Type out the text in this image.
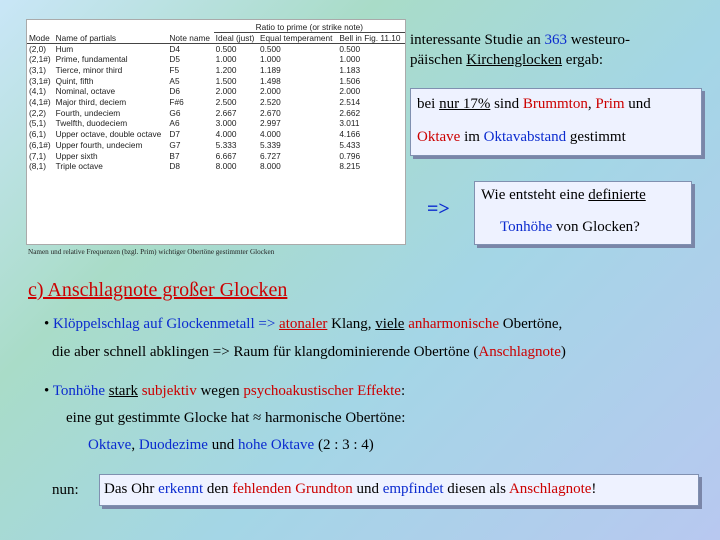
			Ratio to prime (or strike note)		
Mode	Name of partials	Note name	Ideal (just)	Equal temperament	Bell in Fig. 11.10
(2,0)	Hum	D4	0.500	0.500	0.500
(2,1#)	Prime, fundamental	D5	1.000	1.000	1.000
(3,1)	Tierce, minor third	F5	1.200	1.189	1.183
(3,1#)	Quint, fifth	A5	1.500	1.498	1.506
(4,1)	Nominal, octave	D6	2.000	2.000	2.000
(4,1#)	Major third, deciem	F#6	2.500	2.520	2.514
(2,2)	Fourth, undeciem	G6	2.667	2.670	2.662
(5,1)	Twelfth, duodeciem	A6	3.000	2.997	3.011
(6,1)	Upper octave, double octave	D7	4.000	4.000	4.166
(6,1#)	Upper fourth, undeciem	G7	5.333	5.339	5.433
(7,1)	Upper sixth	B7	6.667	6.727	0.796
(8,1)	Triple octave	D8	8.000	8.000	8.215
Namen und relative Frequenzen (bzgl. Prim) wichtiger Obertöne gestimmter Glocken

interessante Studie an 363 westeuro-

päischen Kirchenglocken ergab:

bei nur 17% sind Brummton, Prim und

Oktave im Oktavabstand gestimmt

=>

Wie entsteht eine definierte

Tonhöhe von Glocken?

c) Anschlagnote großer Glocken

• Klöppelschlag auf Glockenmetall => atonaler Klang, viele anharmonische Obertöne,

die aber schnell abklingen => Raum für klangdominierende Obertöne (Anschlagnote)

• Tonhöhe stark subjektiv wegen psychoakustischer Effekte:

eine gut gestimmte Glocke hat ≈ harmonische Obertöne:

Oktave, Duodezime und hohe Oktave (2 : 3 : 4)

nun: Das Ohr erkennt den fehlenden Grundton und empfindet diesen als Anschlagnote!
